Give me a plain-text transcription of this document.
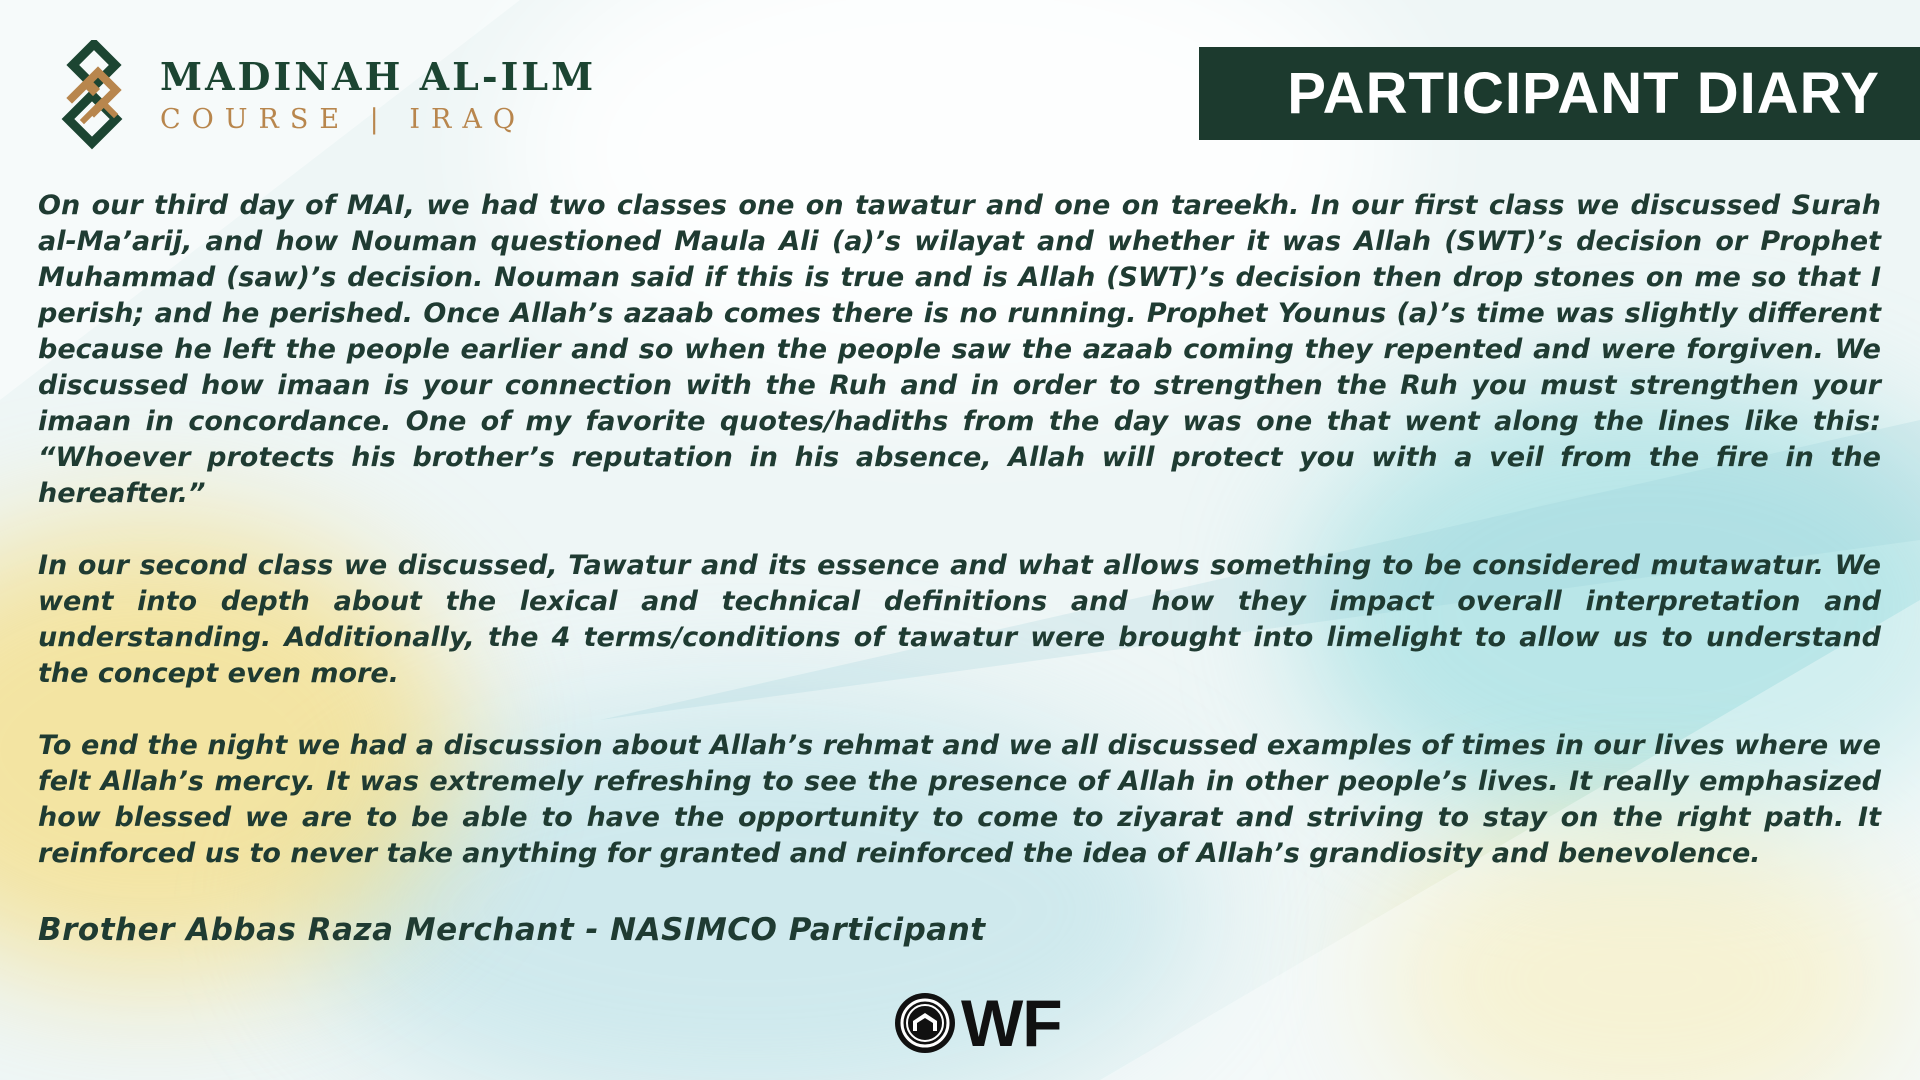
MADINAH AL-ILM
COURSE | IRAQ	PARTICIPANT DIARY

On our third day of MAI, we had two classes one on tawatur and one on tareekh. In our first class we discussed Surah al-Ma’arij, and how Nouman questioned Maula Ali (a)’s wilayat and whether it was Allah (SWT)’s decision or Prophet Muhammad (saw)’s decision. Nouman said if this is true and is Allah (SWT)’s decision then drop stones on me so that I perish; and he perished. Once Allah’s azaab comes there is no running. Prophet Younus (a)’s time was slightly different because he left the people earlier and so when the people saw the azaab coming they repented and were forgiven. We discussed how imaan is your connection with the Ruh and in order to strengthen the Ruh you must strengthen your imaan in concordance. One of my favorite quotes/hadiths from the day was one that went along the lines like this: “Whoever protects his brother’s reputation in his absence, Allah will protect you with a veil from the fire in the hereafter.”

In our second class we discussed, Tawatur and its essence and what allows something to be considered mutawatur. We went into depth about the lexical and technical definitions and how they impact overall interpretation and understanding. Additionally, the 4 terms/conditions of tawatur were brought into limelight to allow us to understand the concept even more.

To end the night we had a discussion about Allah’s rehmat and we all discussed examples of times in our lives where we felt Allah’s mercy. It was extremely refreshing to see the presence of Allah in other people’s lives. It really emphasized how blessed we are to be able to have the opportunity to come to ziyarat and striving to stay on the right path. It reinforced us to never take anything for granted and reinforced the idea of Allah’s grandiosity and benevolence.

Brother Abbas Raza Merchant - NASIMCO Participant
WF
